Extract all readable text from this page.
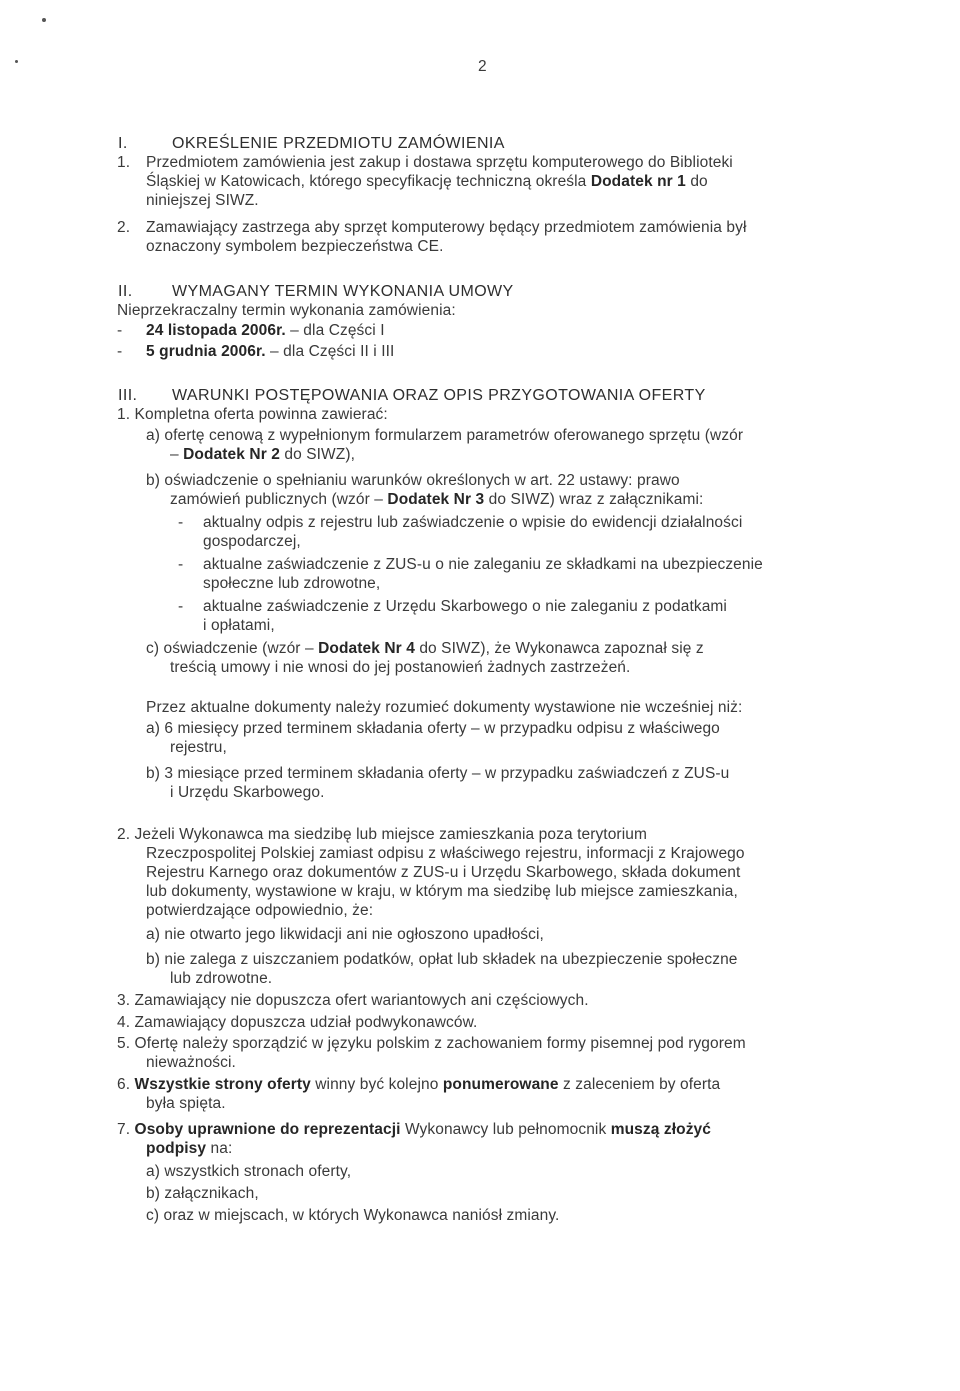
2
I.	OKREŚLENIE PRZEDMIOTU ZAMÓWIENIA
1. Przedmiotem zamówienia jest zakup i dostawa sprzętu komputerowego do Biblioteki
Śląskiej w Katowicach, którego specyfikację techniczną określa Dodatek nr 1 do
niniejszej SIWZ.
2. Zamawiający zastrzega aby sprzęt komputerowy będący przedmiotem zamówienia był
oznaczony symbolem bezpieczeństwa CE.
II. WYMAGANY TERMIN WYKONANIA UMOWY
Nieprzekraczalny termin wykonania zamówienia:
- 24 listopada 2006r. – dla Części I
- 5 grudnia 2006r. – dla Części II i III
III. WARUNKI POSTĘPOWANIA ORAZ OPIS PRZYGOTOWANIA OFERTY
1. Kompletna oferta powinna zawierać:
a) ofertę cenową z wypełnionym formularzem parametrów oferowanego sprzętu (wzór
– Dodatek Nr 2 do SIWZ),
b) oświadczenie o spełnianiu warunków określonych w art. 22 ustawy: prawo
zamówień publicznych (wzór – Dodatek Nr 3 do SIWZ) wraz z załącznikami:
- aktualny odpis z rejestru lub zaświadczenie o wpisie do ewidencji działalności
gospodarczej,
- aktualne zaświadczenie z ZUS-u o nie zaleganiu ze składkami na ubezpieczenie
społeczne lub zdrowotne,
- aktualne zaświadczenie z Urzędu Skarbowego o nie zaleganiu z podatkami
i opłatami,
c) oświadczenie (wzór – Dodatek Nr 4 do SIWZ), że Wykonawca zapoznał się z
treścią umowy i nie wnosi do jej postanowień żadnych zastrzeżeń.
Przez aktualne dokumenty należy rozumieć dokumenty wystawione nie wcześniej niż:
a) 6 miesięcy przed terminem składania oferty – w przypadku odpisu z właściwego
rejestru,
b) 3 miesiące przed terminem składania oferty – w przypadku zaświadczeń z ZUS-u
i Urzędu Skarbowego.
2. Jeżeli Wykonawca ma siedzibę lub miejsce zamieszkania poza terytorium
Rzeczpospolitej Polskiej zamiast odpisu z właściwego rejestru, informacji z Krajowego
Rejestru Karnego oraz dokumentów z ZUS-u i Urzędu Skarbowego, składa dokument
lub dokumenty, wystawione w kraju, w którym ma siedzibę lub miejsce zamieszkania,
potwierdzające odpowiednio, że:
a) nie otwarto jego likwidacji ani nie ogłoszono upadłości,
b) nie zalega z uiszczaniem podatków, opłat lub składek na ubezpieczenie społeczne
lub zdrowotne.
3. Zamawiający nie dopuszcza ofert wariantowych ani częściowych.
4. Zamawiający dopuszcza udział podwykonawców.
5. Ofertę należy sporządzić w języku polskim z zachowaniem formy pisemnej pod rygorem
nieważności.
6. Wszystkie strony oferty winny być kolejno ponumerowane z zaleceniem by oferta
była spięta.
7. Osoby uprawnione do reprezentacji Wykonawcy lub pełnomocnik muszą złożyć
podpisy na:
a) wszystkich stronach oferty,
b) załącznikach,
c) oraz w miejscach, w których Wykonawca naniósł zmiany.
